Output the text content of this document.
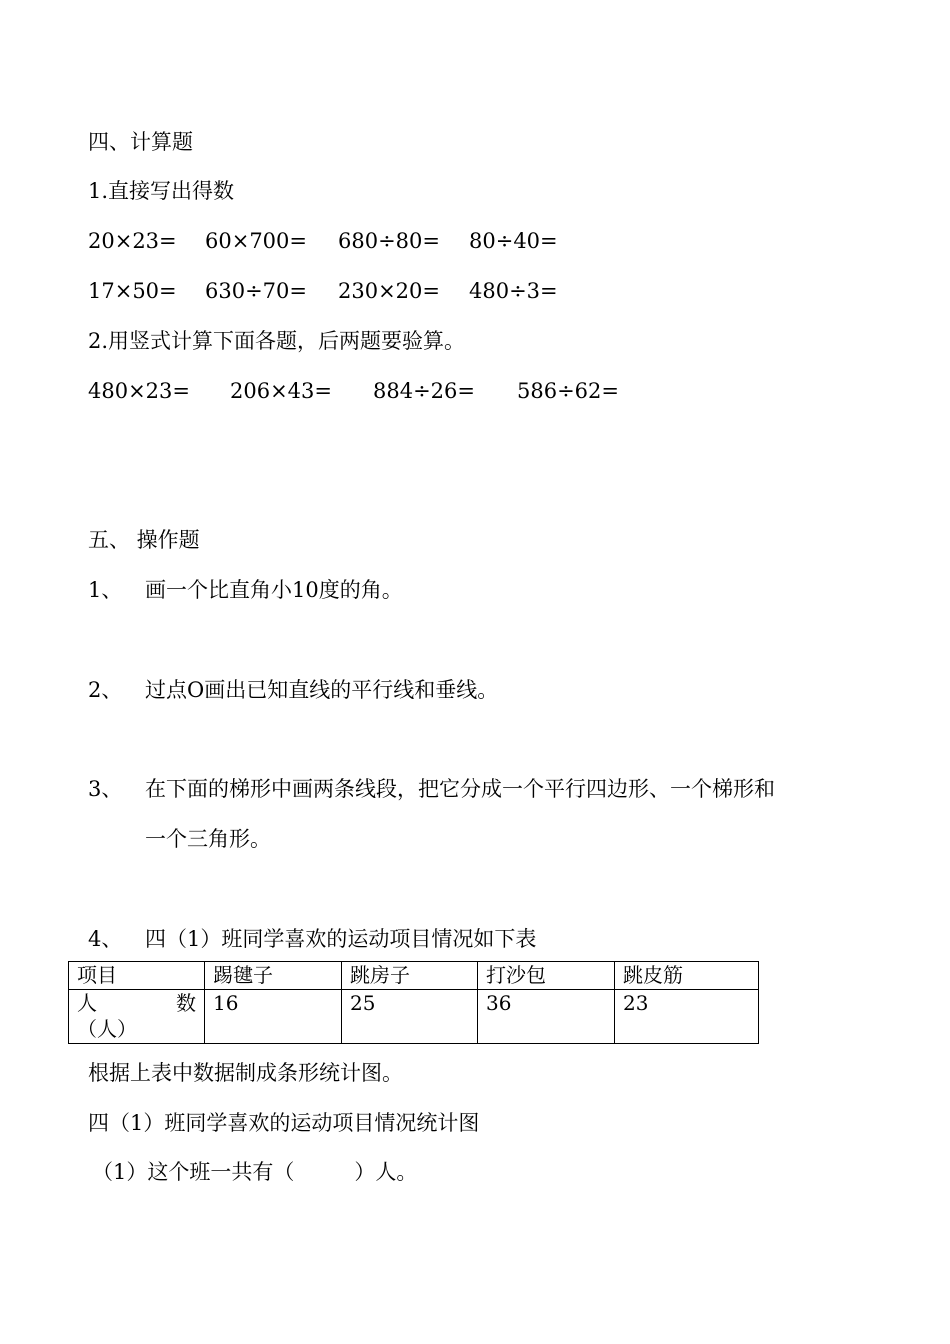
四、计算题
1.直接写出得数
20×23= 60×700= 680÷80= 80÷40=
17×50= 630÷70= 230×20= 480÷3=
2.用竖式计算下面各题，后两题要验算。
480×23= 206×43= 884÷26= 586÷62=
五、 操作题
1、 画一个比直角小10度的角。
2、 过点O画出已知直线的平行线和垂线。
3、 在下面的梯形中画两条线段，把它分成一个平行四边形、一个梯形和
一个三角形。
4、 四（1）班同学喜欢的运动项目情况如下表
项目	踢毽子	跳房子	打沙包	跳皮筋

人 数
（人）	16	25	36	23
根据上表中数据制成条形统计图。
四（1）班同学喜欢的运动项目情况统计图
（1）这个班一共有（	）人。
